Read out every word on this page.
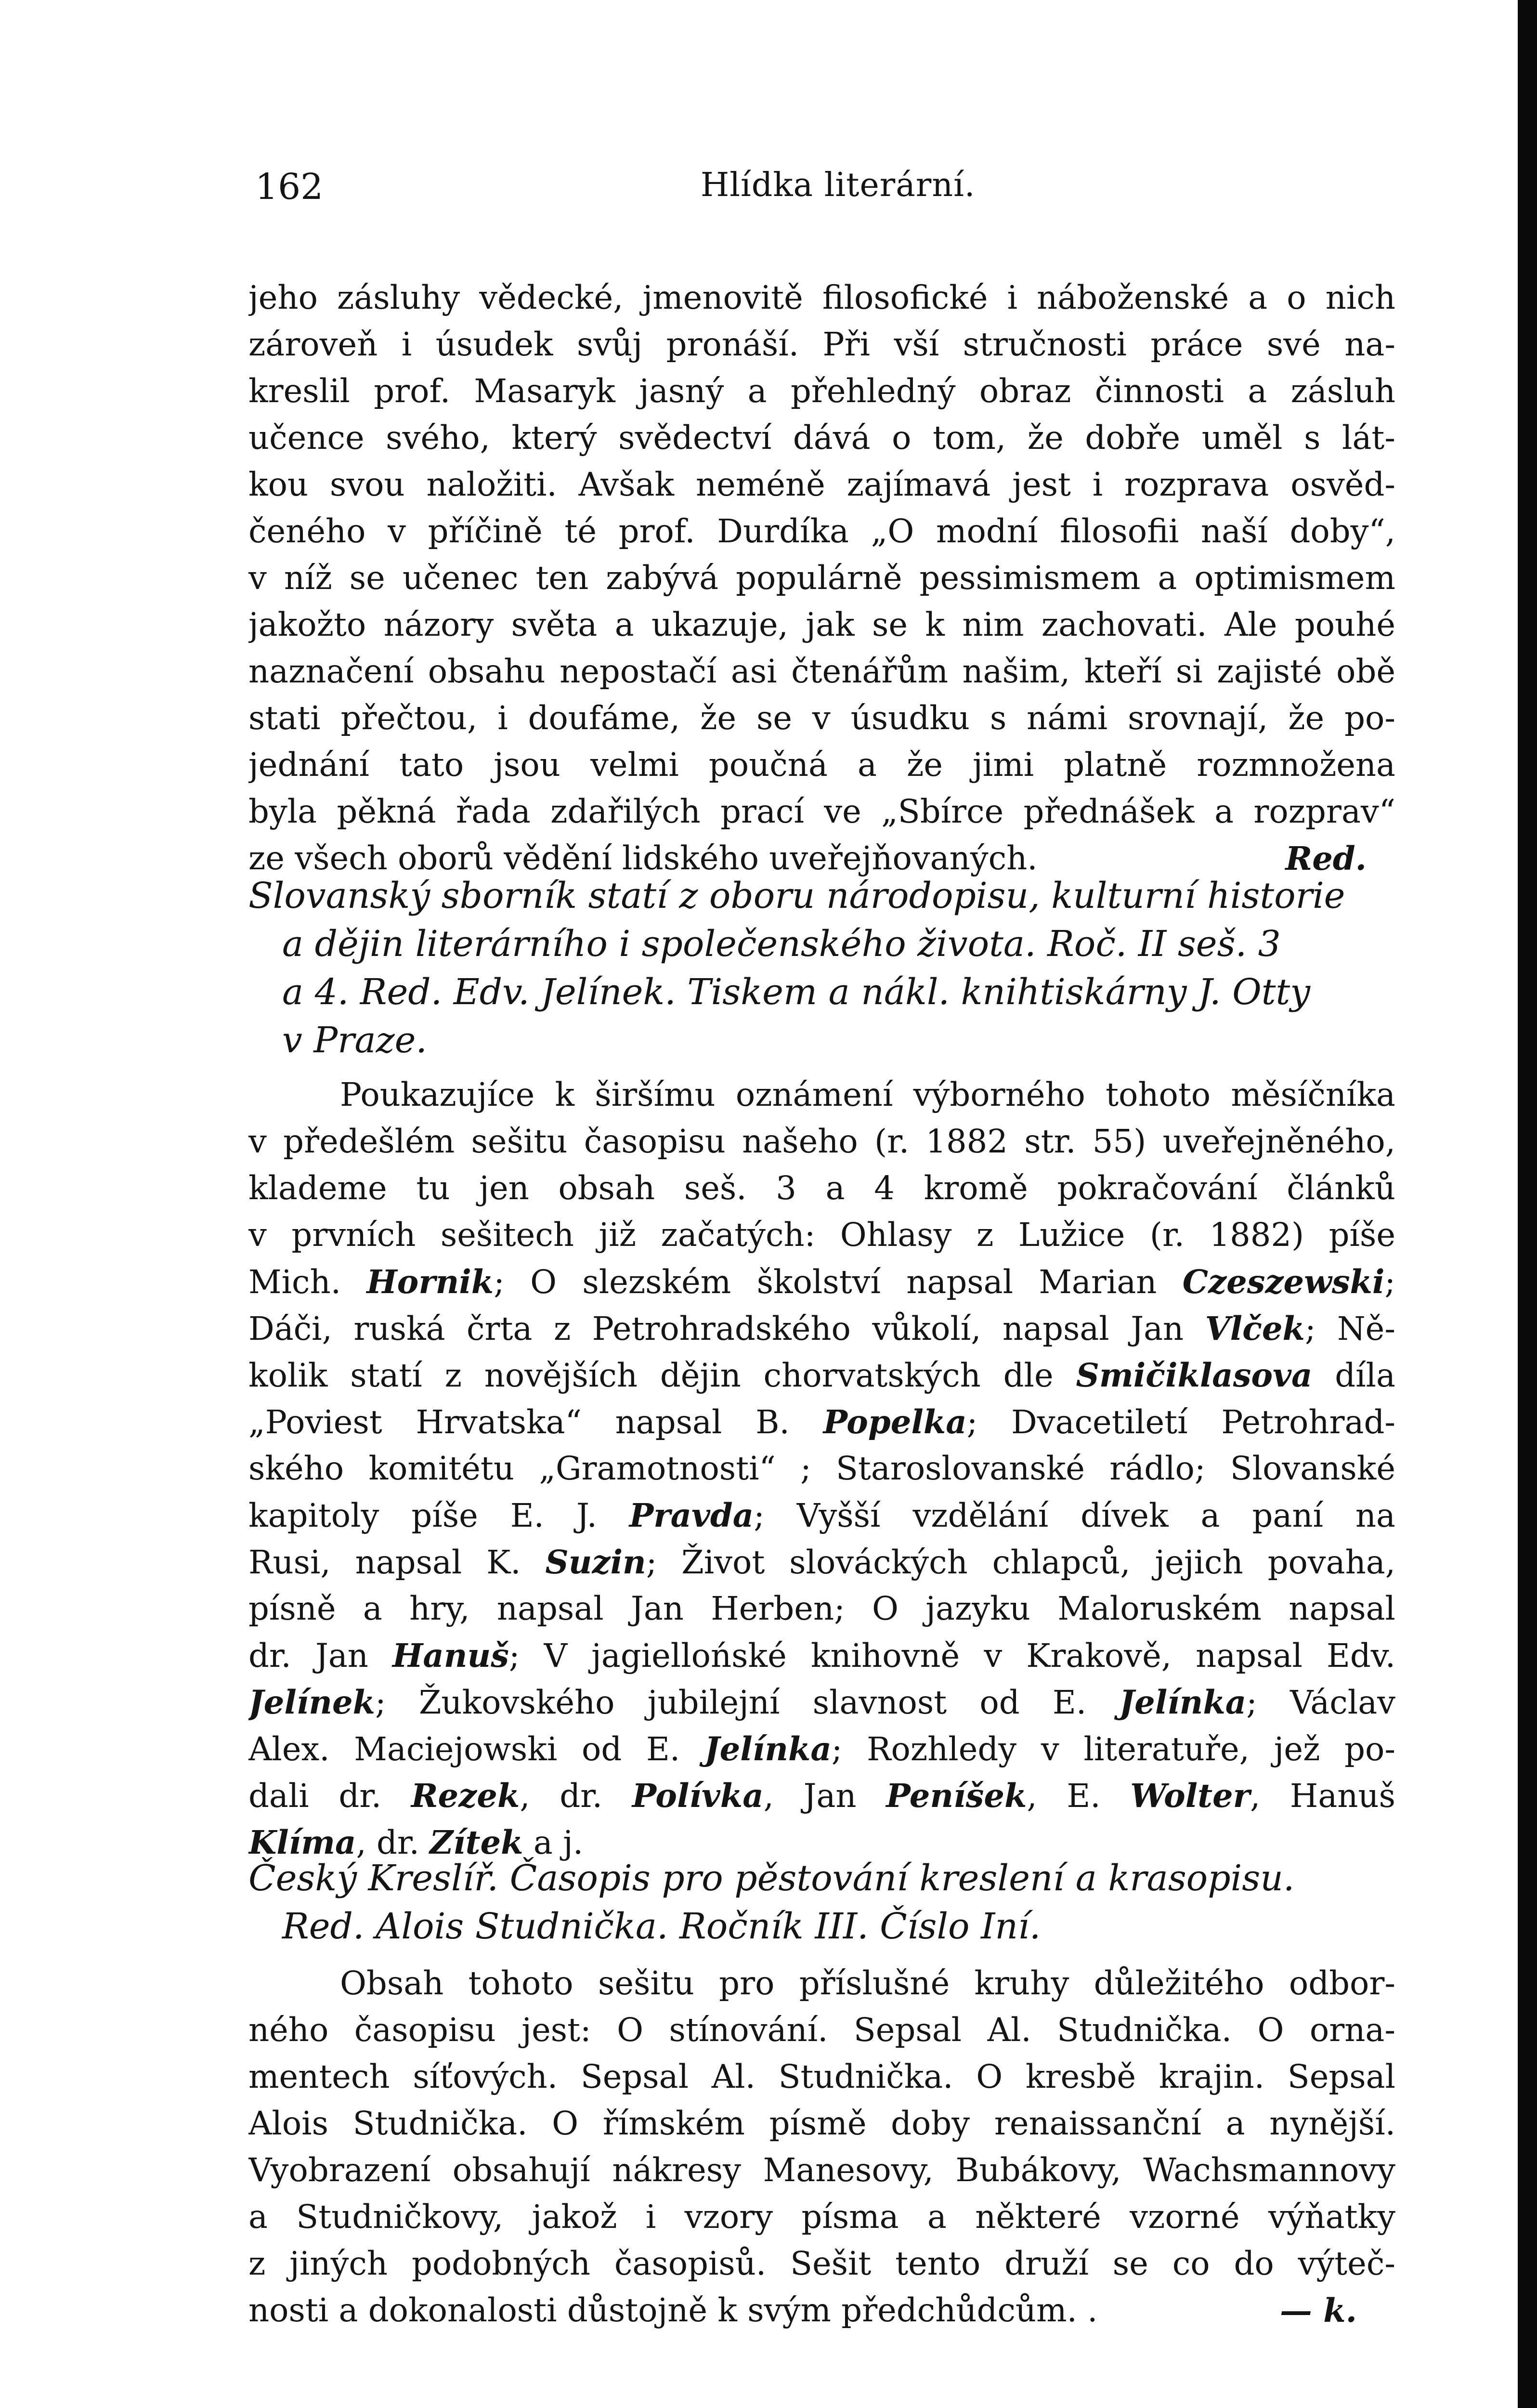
162	Hlídka literární.
jeho zásluhy vědecké, jmenovitě filosofické i náboženské a o nich
zároveň i úsudek svůj pronáší. Při vší stručnosti práce své na-
kreslil prof. Masaryk jasný a přehledný obraz činnosti a zásluh
učence svého, který svědectví dává o tom, že dobře uměl s lát-
kou svou naložiti. Avšak neméně zajímavá jest i rozprava osvěd-
čeného v příčině té prof. Durdíka „O modní filosofii naší doby“,
v níž se učenec ten zabývá populárně pessimismem a optimismem
jakožto názory světa a ukazuje, jak se k nim zachovati. Ale pouhé
naznačení obsahu nepostačí asi čtenářům našim, kteří si zajisté obě
stati přečtou, i doufáme, že se v úsudku s námi srovnají, že po-
jednání tato jsou velmi poučná a že jimi platně rozmnožena
byla pěkná řada zdařilých prací ve „Sbírce přednášek a rozprav“
ze všech oborů vědění lidského uveřejňovaných.	Red.
Slovanský sborník statí z oboru národopisu, kulturní historie
a dějin literárního i společenského života. Roč. II seš. 3
a 4. Red. Edv. Jelínek. Tiskem a nákl. knihtiskárny J. Otty
v Praze.
Poukazujíce k širšímu oznámení výborného tohoto měsíčníka
v předešlém sešitu časopisu našeho (r. 1882 str. 55) uveřejněného,
klademe tu jen obsah seš. 3 a 4 kromě pokračování článků
v prvních sešitech již začatých: Ohlasy z Lužice (r. 1882) píše
Mich. Hornik; O slezském školství napsal Marian Czeszewski;
Dáči, ruská črta z Petrohradského vůkolí, napsal Jan Vlček; Ně-
kolik statí z novějších dějin chorvatských dle Smičiklasova díla
„Poviest Hrvatska“ napsal B. Popelka; Dvacetiletí Petrohrad-
ského komitétu „Gramotnosti“ ; Staroslovanské rádlo; Slovanské
kapitoly píše E. J. Pravda; Vyšší vzdělání dívek a paní na
Rusi, napsal K. Suzin; Život slováckých chlapců, jejich povaha,
písně a hry, napsal Jan Herben; O jazyku Maloruském napsal
dr. Jan Hanuš; V jagiellońské knihovně v Krakově, napsal Edv.
Jelínek; Žukovského jubilejní slavnost od E. Jelínka; Václav
Alex. Maciejowski od E. Jelínka; Rozhledy v literatuře, jež po-
dali dr. Rezek, dr. Polívka, Jan Peníšek, E. Wolter, Hanuš
Klíma, dr. Zítek a j.
Český Kreslíř. Časopis pro pěstování kreslení a krasopisu.
Red. Alois Studnička. Ročník III. Číslo Iní.
Obsah tohoto sešitu pro příslušné kruhy důležitého odbor-
ného časopisu jest: O stínování. Sepsal Al. Studnička. O orna-
mentech síťových. Sepsal Al. Studnička. O kresbě krajin. Sepsal
Alois Studnička. O římském písmě doby renaissanční a nynější.
Vyobrazení obsahují nákresy Manesovy, Bubákovy, Wachsmannovy
a Studničkovy, jakož i vzory písma a některé vzorné výňatky
z jiných podobných časopisů. Sešit tento druží se co do výteč-
nosti a dokonalosti důstojně k svým předchůdcům. .	— k.
